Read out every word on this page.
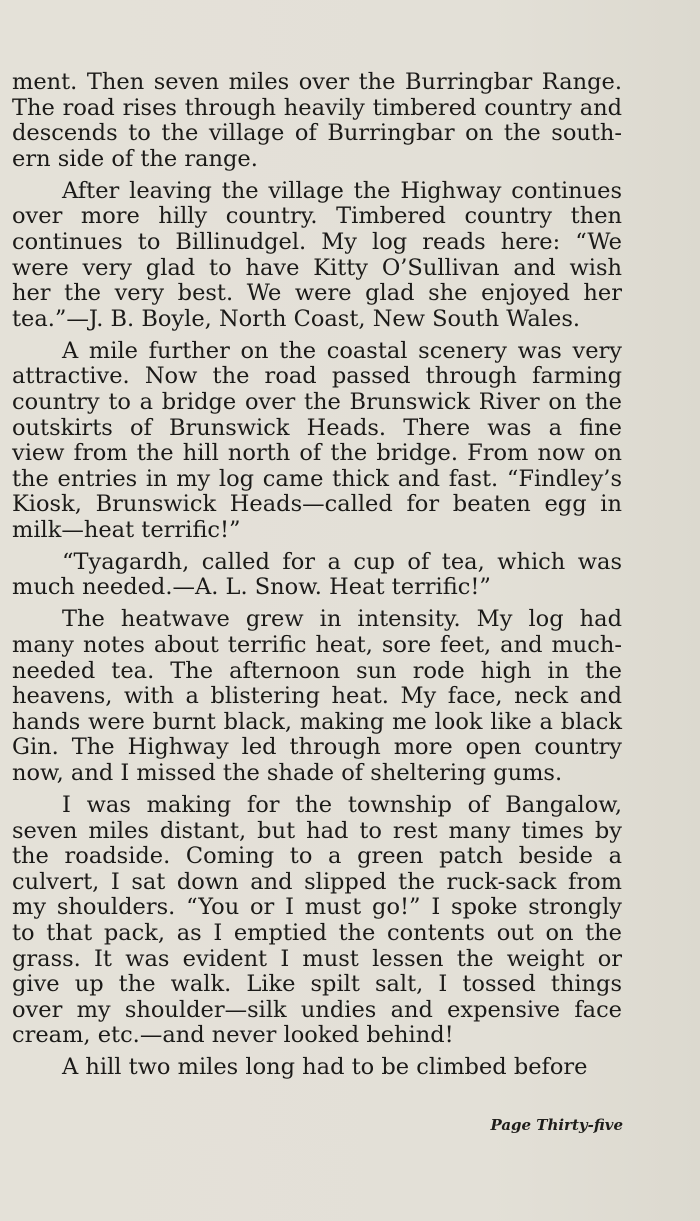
ment. Then seven miles over the Burringbar Range.
The road rises through heavily timbered country and
descends to the village of Burringbar on the south-
ern side of the range.
After leaving the village the Highway continues
over more hilly country. Timbered country then
continues to Billinudgel. My log reads here: “We
were very glad to have Kitty O’Sullivan and wish
her the very best. We were glad she enjoyed her
tea.”—J. B. Boyle, North Coast, New South Wales.
A mile further on the coastal scenery was very
attractive. Now the road passed through farming
country to a bridge over the Brunswick River on the
outskirts of Brunswick Heads. There was a fine
view from the hill north of the bridge. From now on
the entries in my log came thick and fast. “Findley’s
Kiosk, Brunswick Heads—called for beaten egg in
milk—heat terrific!”
“Tyagardh, called for a cup of tea, which was
much needed.—A. L. Snow. Heat terrific!”
The heatwave grew in intensity. My log had
many notes about terrific heat, sore feet, and much-
needed tea. The afternoon sun rode high in the
heavens, with a blistering heat. My face, neck and
hands were burnt black, making me look like a black
Gin. The Highway led through more open country
now, and I missed the shade of sheltering gums.
I was making for the township of Bangalow,
seven miles distant, but had to rest many times by
the roadside. Coming to a green patch beside a
culvert, I sat down and slipped the ruck-sack from
my shoulders. “You or I must go!” I spoke strongly
to that pack, as I emptied the contents out on the
grass. It was evident I must lessen the weight or
give up the walk. Like spilt salt, I tossed things
over my shoulder—silk undies and expensive face
cream, etc.—and never looked behind!
A hill two miles long had to be climbed before
Page Thirty-five
